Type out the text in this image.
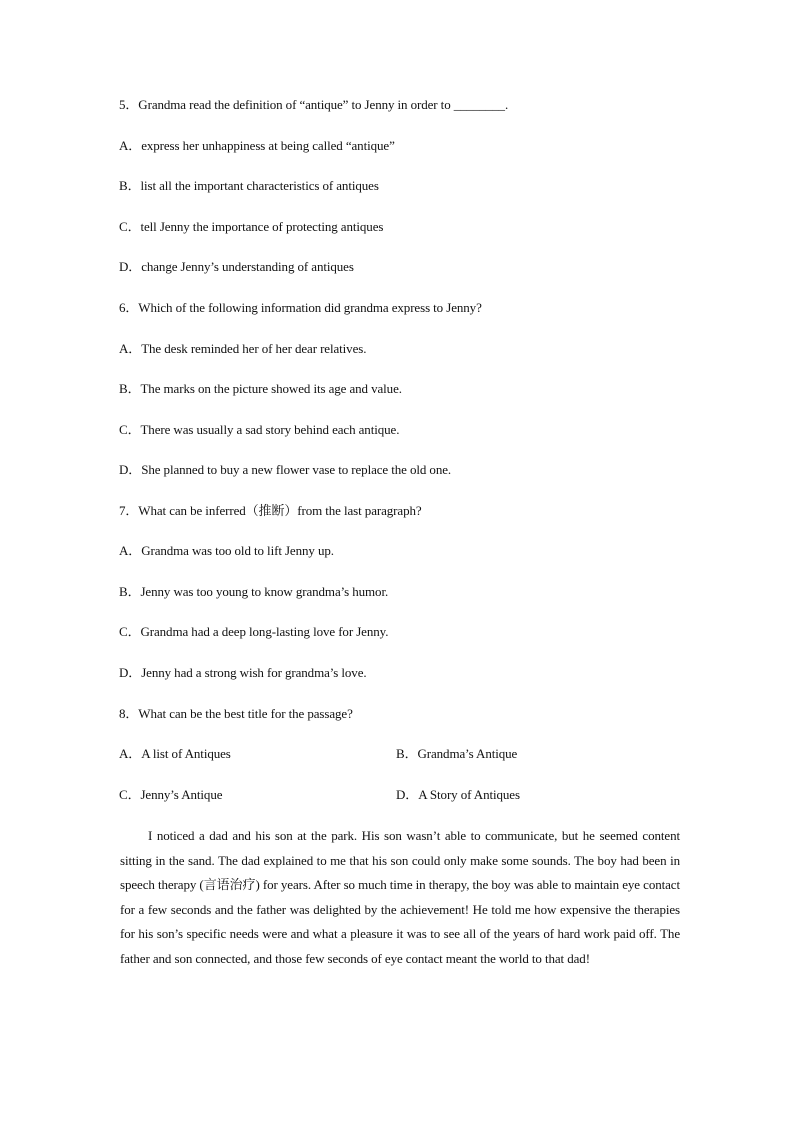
5．Grandma read the definition of “antique” to Jenny in order to ________.
A．express her unhappiness at being called “antique”
B．list all the important characteristics of antiques
C．tell Jenny the importance of protecting antiques
D．change Jenny’s understanding of antiques
6．Which of the following information did grandma express to Jenny?
A．The desk reminded her of her dear relatives.
B．The marks on the picture showed its age and value.
C．There was usually a sad story behind each antique.
D．She planned to buy a new flower vase to replace the old one.
7．What can be inferred（推断）from the last paragraph?
A．Grandma was too old to lift Jenny up.
B．Jenny was too young to know grandma’s humor.
C．Grandma had a deep long-lasting love for Jenny.
D．Jenny had a strong wish for grandma’s love.
8．What can be the best title for the passage?
A．A list of Antiques	B．Grandma’s Antique
C．Jenny’s Antique	D．A Story of Antiques

I noticed a dad and his son at the park. His son wasn’t able to communicate, but he seemed content sitting in the sand. The dad explained to me that his son could only make some sounds. The boy had been in speech therapy (言语治疗) for years. After so much time in therapy, the boy was able to maintain eye contact for a few seconds and the father was delighted by the achievement! He told me how expensive the therapies for his son’s specific needs were and what a pleasure it was to see all of the years of hard work paid off. The father and son connected, and those few seconds of eye contact meant the world to that dad!
